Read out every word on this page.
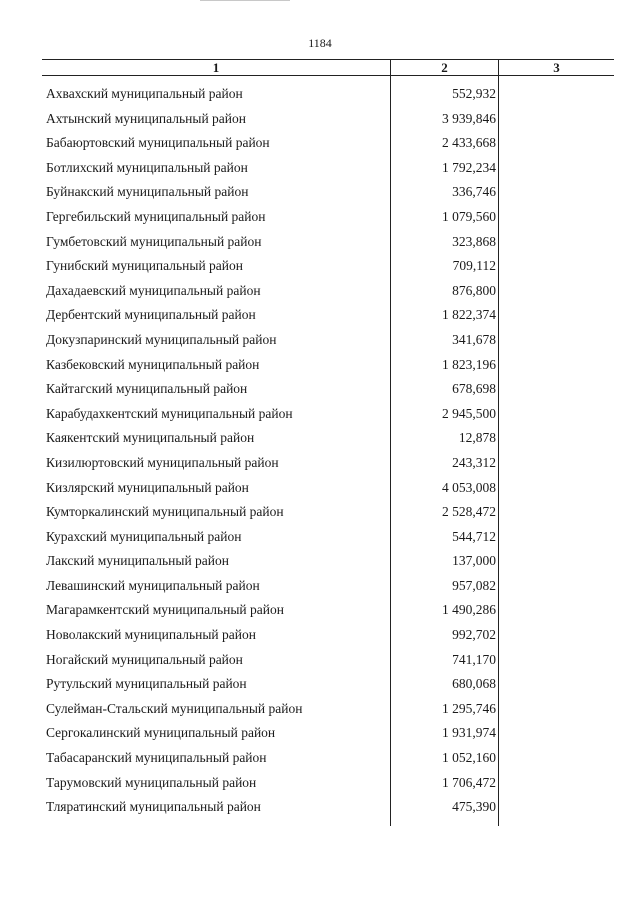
1184
1	2	3
Ахвахский муниципальный район	552,932
Ахтынский муниципальный район	3 939,846
Бабаюртовский муниципальный район	2 433,668
Ботлихский муниципальный район	1 792,234
Буйнакский муниципальный район	336,746
Гергебильский муниципальный район	1 079,560
Гумбетовский муниципальный район	323,868
Гунибский муниципальный район	709,112
Дахадаевский муниципальный район	876,800
Дербентский муниципальный район	1 822,374
Докузпаринский муниципальный район	341,678
Казбековский муниципальный район	1 823,196
Кайтагский муниципальный район	678,698
Карабудахкентский муниципальный район	2 945,500
Каякентский муниципальный район	12,878
Кизилюртовский муниципальный район	243,312
Кизлярский муниципальный район	4 053,008
Кумторкалинский муниципальный район	2 528,472
Курахский муниципальный район	544,712
Лакский муниципальный район	137,000
Левашинский муниципальный район	957,082
Магарамкентский муниципальный район	1 490,286
Новолакский муниципальный район	992,702
Ногайский муниципальный район	741,170
Рутульский муниципальный район	680,068
Сулейман-Стальский муниципальный район	1 295,746
Сергокалинский муниципальный район	1 931,974
Табасаранский муниципальный район	1 052,160
Тарумовский муниципальный район	1 706,472
Тляратинский муниципальный район	475,390
